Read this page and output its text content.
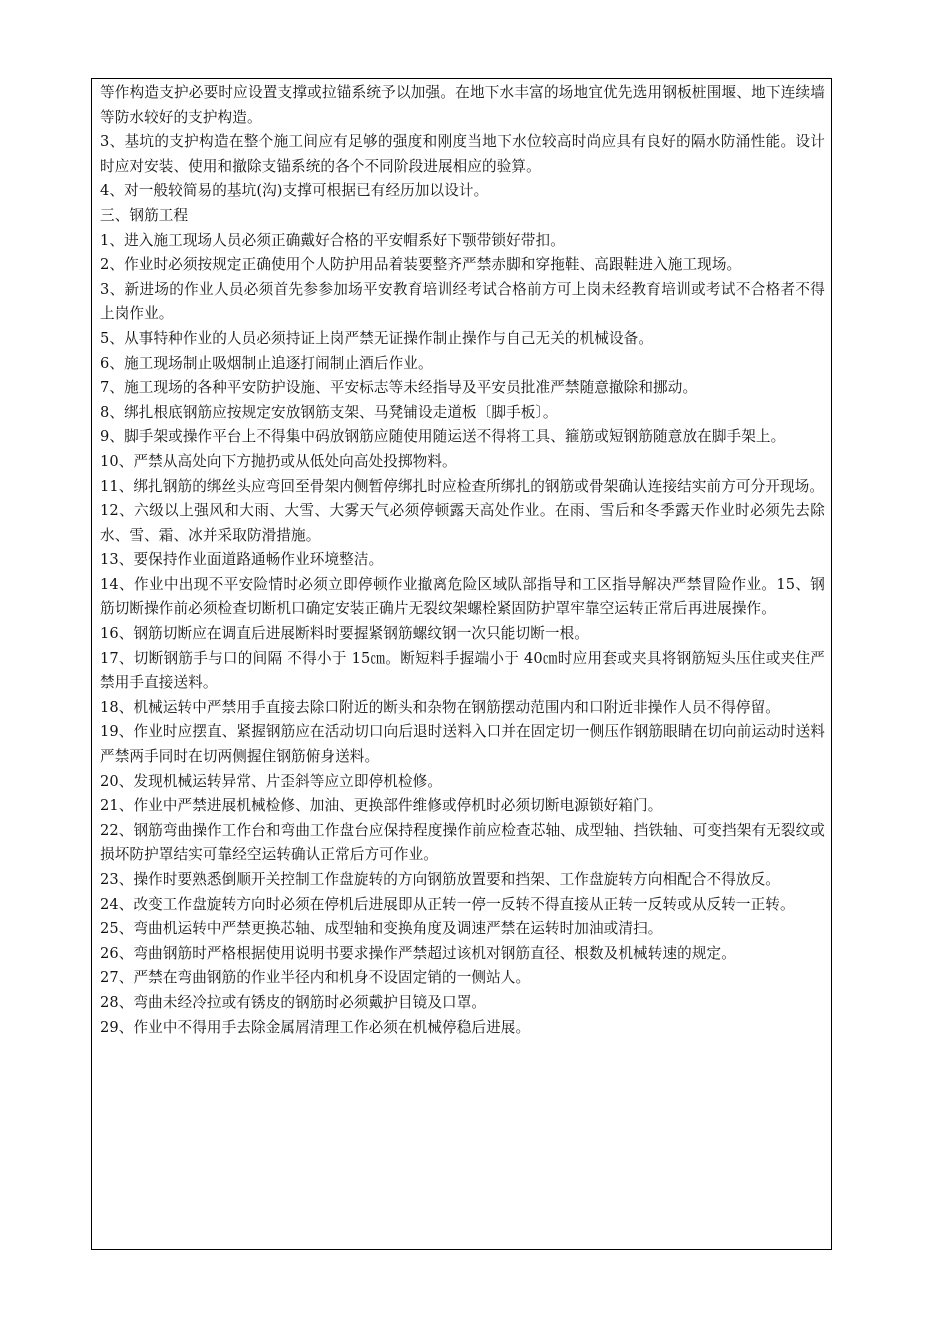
等作构造支护必要时应设置支撑或拉锚系统予以加强。在地下水丰富的场地宜优先选用钢板桩围堰、地下连续墙等防水较好的支护构造。

3、基坑的支护构造在整个施工间应有足够的强度和刚度当地下水位较高时尚应具有良好的隔水防涌性能。设计时应对安装、使用和撤除支锚系统的各个不同阶段进展相应的验算。

4、对一般较简易的基坑(沟)支撑可根据已有经历加以设计。

三、钢筋工程

1、进入施工现场人员必须正确戴好合格的平安帽系好下颚带锁好带扣。

2、作业时必须按规定正确使用个人防护用品着装要整齐严禁赤脚和穿拖鞋、高跟鞋进入施工现场。

3、新进场的作业人员必须首先参参加场平安教育培训经考试合格前方可上岗未经教育培训或考试不合格者不得上岗作业。

5、从事特种作业的人员必须持证上岗严禁无证操作制止操作与自己无关的机械设备。

6、施工现场制止吸烟制止追逐打闹制止酒后作业。

7、施工现场的各种平安防护设施、平安标志等未经指导及平安员批准严禁随意撤除和挪动。

8、绑扎根底钢筋应按规定安放钢筋支架、马凳铺设走道板〔脚手板〕。

9、脚手架或操作平台上不得集中码放钢筋应随使用随运送不得将工具、箍筋或短钢筋随意放在脚手架上。

10、严禁从高处向下方抛扔或从低处向高处投掷物料。

11、绑扎钢筋的绑丝头应弯回至骨架内侧暂停绑扎时应检查所绑扎的钢筋或骨架确认连接结实前方可分开现场。

12、六级以上强风和大雨、大雪、大雾天气必须停顿露天高处作业。在雨、雪后和冬季露天作业时必须先去除水、雪、霜、冰并采取防滑措施。

13、要保持作业面道路通畅作业环境整洁。

14、作业中出现不平安险情时必须立即停顿作业撤离危险区域队部指导和工区指导解决严禁冒险作业。15、钢筋切断操作前必须检查切断机口确定安装正确片无裂纹架螺栓紧固防护罩牢靠空运转正常后再进展操作。

16、钢筋切断应在调直后进展断料时要握紧钢筋螺纹钢一次只能切断一根。

17、切断钢筋手与口的间隔 不得小于 15㎝。断短料手握端小于 40㎝时应用套或夹具将钢筋短头压住或夹住严禁用手直接送料。

18、机械运转中严禁用手直接去除口附近的断头和杂物在钢筋摆动范围内和口附近非操作人员不得停留。

19、作业时应摆直、紧握钢筋应在活动切口向后退时送料入口并在固定切一侧压作钢筋眼睛在切向前运动时送料严禁两手同时在切两侧握住钢筋俯身送料。

20、发现机械运转异常、片歪斜等应立即停机检修。

21、作业中严禁进展机械检修、加油、更换部件维修或停机时必须切断电源锁好箱门。

22、钢筋弯曲操作工作台和弯曲工作盘台应保持程度操作前应检查芯轴、成型轴、挡铁轴、可变挡架有无裂纹或损坏防护罩结实可靠经空运转确认正常后方可作业。

23、操作时要熟悉倒顺开关控制工作盘旋转的方向钢筋放置要和挡架、工作盘旋转方向相配合不得放反。

24、改变工作盘旋转方向时必须在停机后进展即从正转一停一反转不得直接从正转一反转或从反转一正转。

25、弯曲机运转中严禁更换芯轴、成型轴和变换角度及调速严禁在运转时加油或清扫。

26、弯曲钢筋时严格根据使用说明书要求操作严禁超过该机对钢筋直径、根数及机械转速的规定。

27、严禁在弯曲钢筋的作业半径内和机身不设固定销的一侧站人。

28、弯曲未经冷拉或有锈皮的钢筋时必须戴护目镜及口罩。

29、作业中不得用手去除金属屑清理工作必须在机械停稳后进展。
